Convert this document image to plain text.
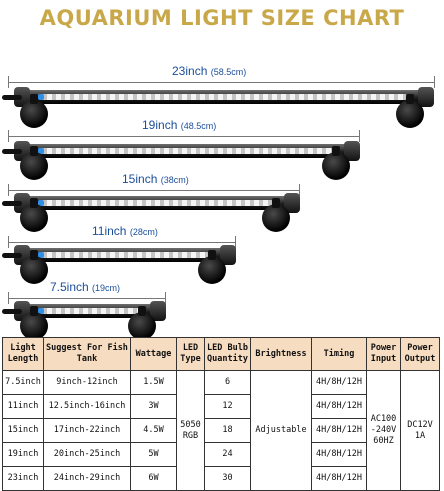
AQUARIUM LIGHT SIZE CHART
23inch (58.5cm)
19inch (48.5cm)
15inch (38cm)
11inch (28cm)
7.5inch (19cm)
Light Length	Suggest For Fish Tank	Wattage	LED Type	LED Bulb Quantity	Brightness	Timing	Power Input	Power Output
7.5inch	9inch-12inch	1.5W	5050 RGB	6	Adjustable	4H/8H/12H	AC100 -240V 60HZ	DC12V 1A
11inch	12.5inch-16inch	3W		12		4H/8H/12H		
15inch	17inch-22inch	4.5W		18		4H/8H/12H		
19inch	20inch-25inch	5W		24		4H/8H/12H		
23inch	24inch-29inch	6W		30		4H/8H/12H		
